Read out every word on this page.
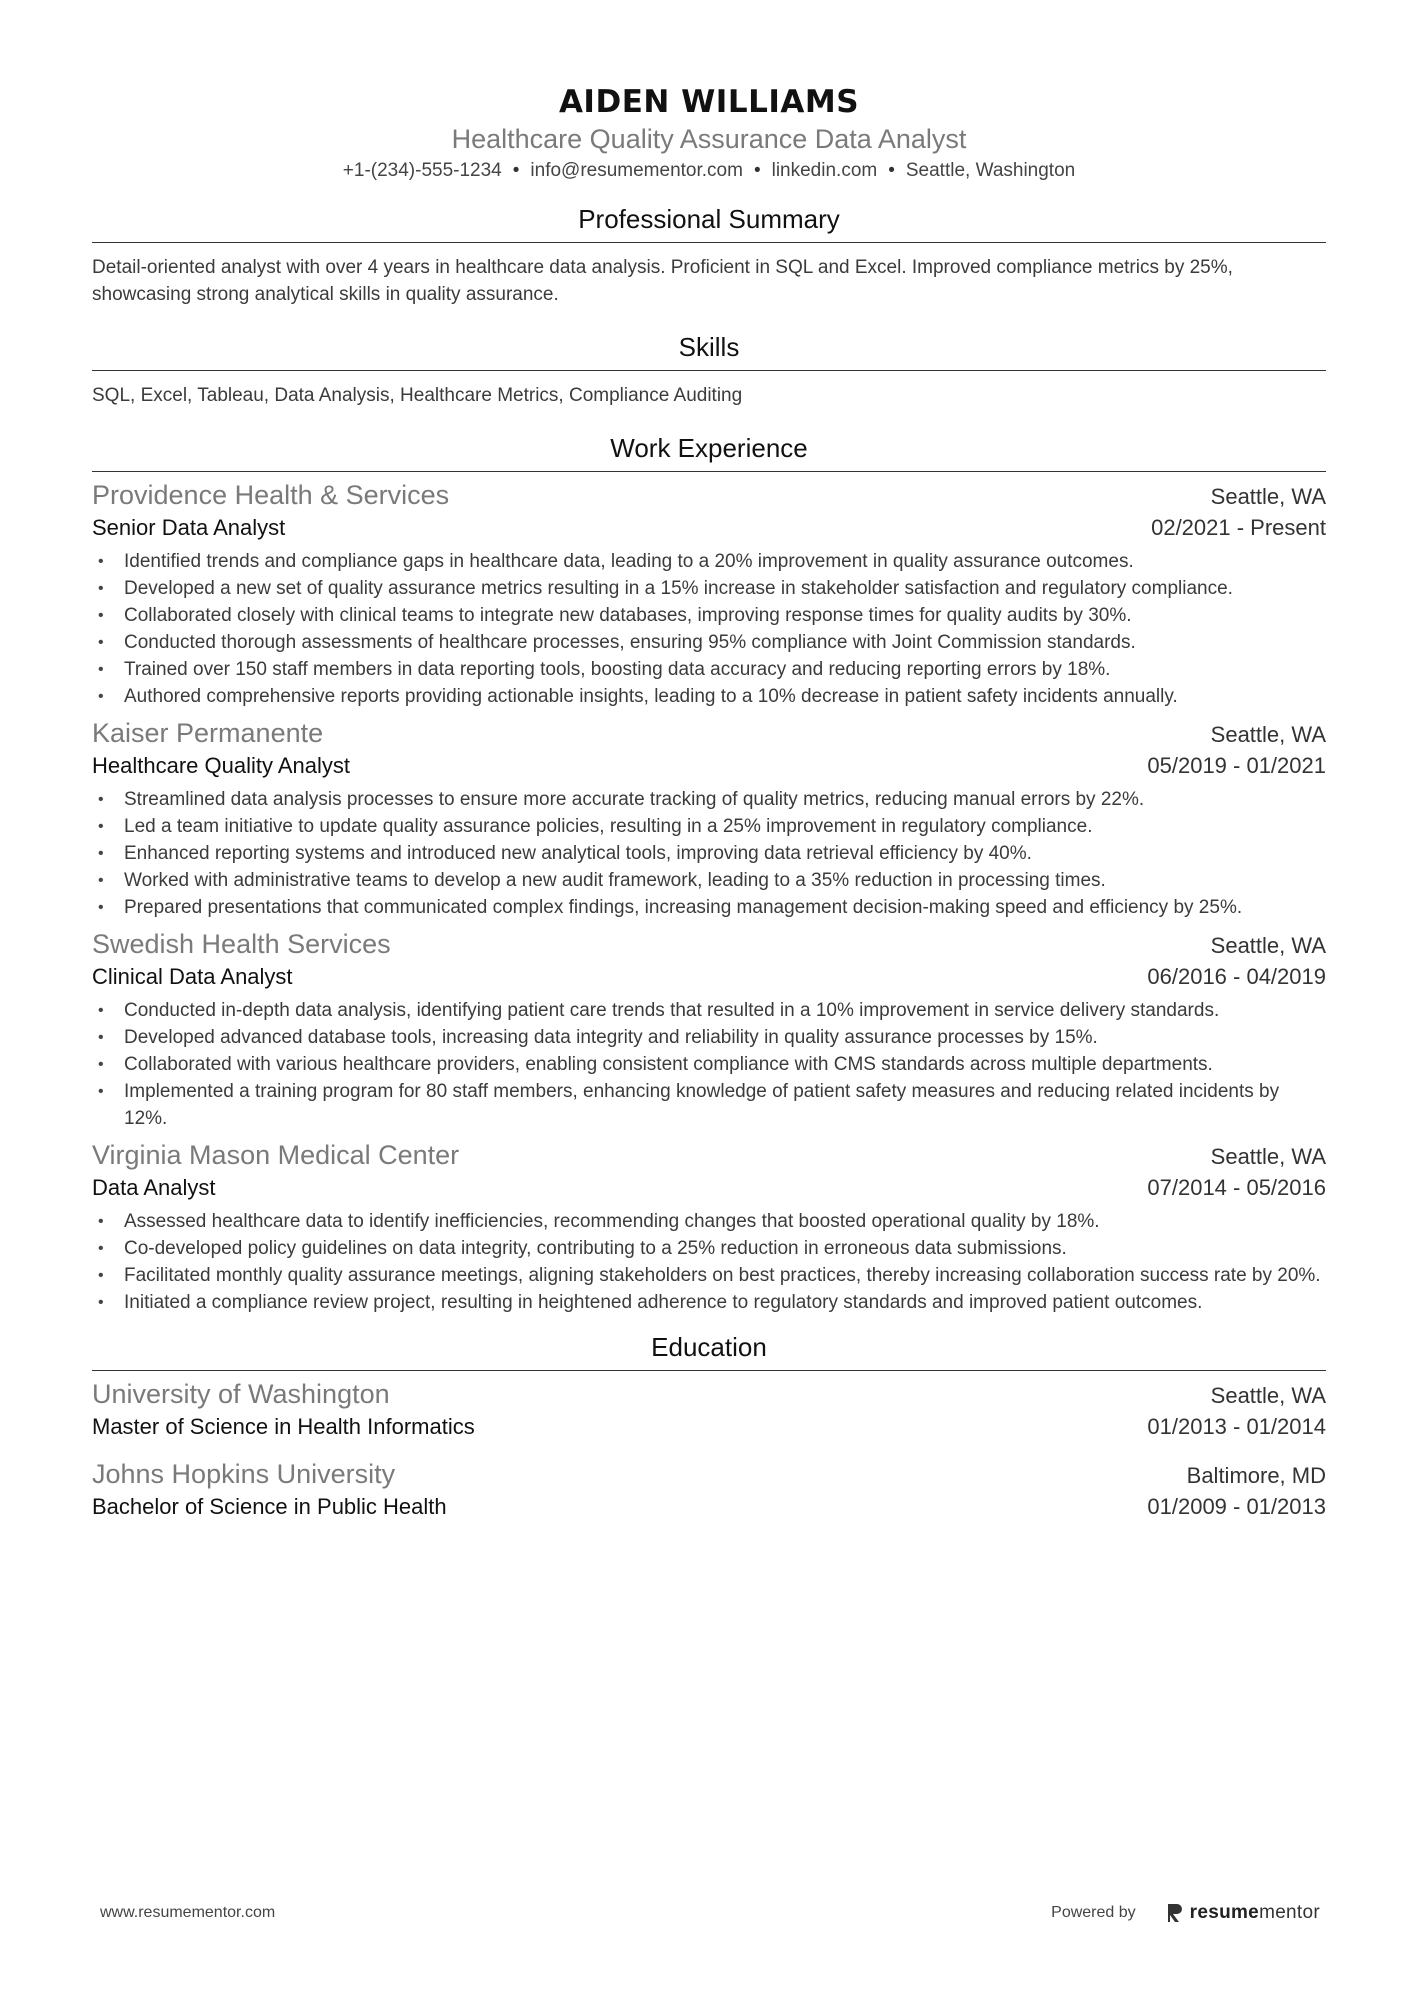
AIDEN WILLIAMS
Healthcare Quality Assurance Data Analyst
+1-(234)-555-1234 • info@resumementor.com • linkedin.com • Seattle, Washington
Professional Summary
Detail-oriented analyst with over 4 years in healthcare data analysis. Proficient in SQL and Excel. Improved compliance metrics by 25%, showcasing strong analytical skills in quality assurance.
Skills
SQL, Excel, Tableau, Data Analysis, Healthcare Metrics, Compliance Auditing
Work Experience
Providence Health & Services	Seattle, WA
Senior Data Analyst	02/2021 - Present
• Identified trends and compliance gaps in healthcare data, leading to a 20% improvement in quality assurance outcomes.
• Developed a new set of quality assurance metrics resulting in a 15% increase in stakeholder satisfaction and regulatory compliance.
• Collaborated closely with clinical teams to integrate new databases, improving response times for quality audits by 30%.
• Conducted thorough assessments of healthcare processes, ensuring 95% compliance with Joint Commission standards.
• Trained over 150 staff members in data reporting tools, boosting data accuracy and reducing reporting errors by 18%.
• Authored comprehensive reports providing actionable insights, leading to a 10% decrease in patient safety incidents annually.
Kaiser Permanente	Seattle, WA
Healthcare Quality Analyst	05/2019 - 01/2021
• Streamlined data analysis processes to ensure more accurate tracking of quality metrics, reducing manual errors by 22%.
• Led a team initiative to update quality assurance policies, resulting in a 25% improvement in regulatory compliance.
• Enhanced reporting systems and introduced new analytical tools, improving data retrieval efficiency by 40%.
• Worked with administrative teams to develop a new audit framework, leading to a 35% reduction in processing times.
• Prepared presentations that communicated complex findings, increasing management decision-making speed and efficiency by 25%.
Swedish Health Services	Seattle, WA
Clinical Data Analyst	06/2016 - 04/2019
• Conducted in-depth data analysis, identifying patient care trends that resulted in a 10% improvement in service delivery standards.
• Developed advanced database tools, increasing data integrity and reliability in quality assurance processes by 15%.
• Collaborated with various healthcare providers, enabling consistent compliance with CMS standards across multiple departments.
• Implemented a training program for 80 staff members, enhancing knowledge of patient safety measures and reducing related incidents by 12%.
Virginia Mason Medical Center	Seattle, WA
Data Analyst	07/2014 - 05/2016
• Assessed healthcare data to identify inefficiencies, recommending changes that boosted operational quality by 18%.
• Co-developed policy guidelines on data integrity, contributing to a 25% reduction in erroneous data submissions.
• Facilitated monthly quality assurance meetings, aligning stakeholders on best practices, thereby increasing collaboration success rate by 20%.
• Initiated a compliance review project, resulting in heightened adherence to regulatory standards and improved patient outcomes.
Education
University of Washington	Seattle, WA
Master of Science in Health Informatics	01/2013 - 01/2014
Johns Hopkins University	Baltimore, MD
Bachelor of Science in Public Health	01/2009 - 01/2013
www.resumementor.com	Powered by	resumementor
